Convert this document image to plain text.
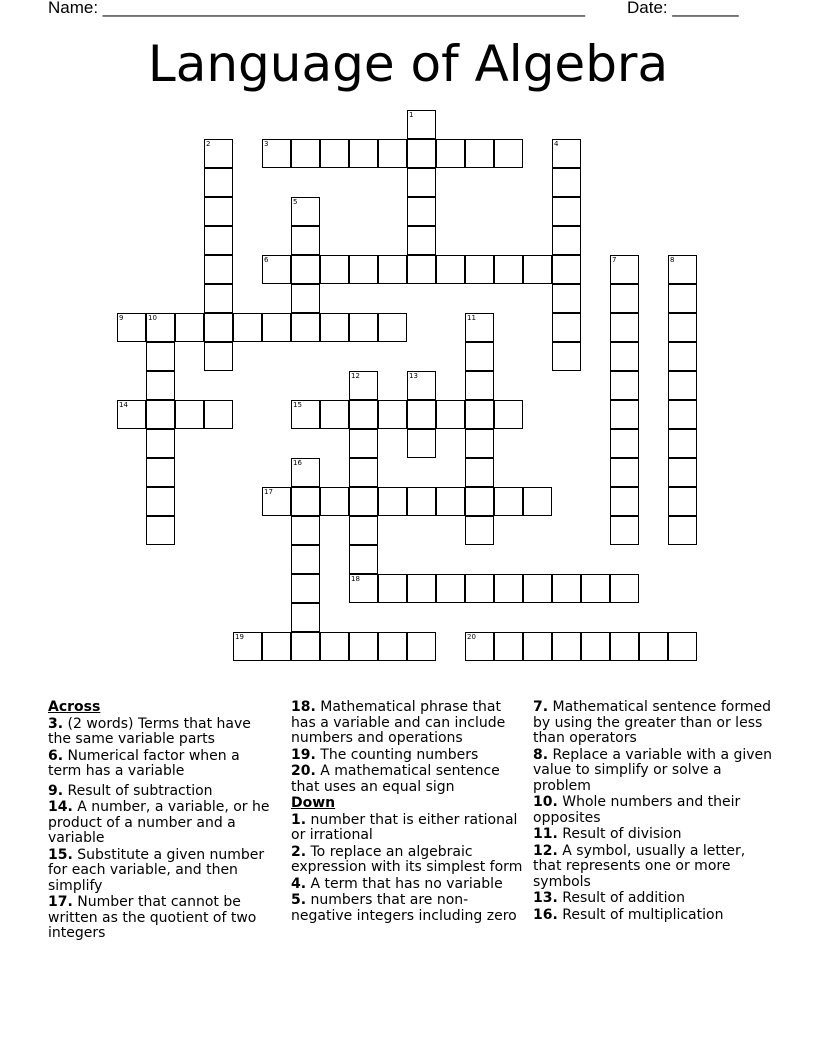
Name: ___________________________________________________ Date: _______
Language of Algebra
3
6
9	10
14	15
17
18
19	20
1
2	4
5
7	8
11
12	13
16
Across
3. (2 words) Terms that have the same variable parts
6. Numerical factor when a term has a variable
9. Result of subtraction
14. A number, a variable, or he product of a number and a variable
15. Substitute a given number for each variable, and then simplify
17. Number that cannot be written as the quotient of two integers
18. Mathematical phrase that has a variable and can include numbers and operations
19. The counting numbers
20. A mathematical sentence that uses an equal sign
Down
1. number that is either rational or irrational
2. To replace an algebraic expression with its simplest form
4. A term that has no variable
5. numbers that are non-negative integers including zero
7. Mathematical sentence formed by using the greater than or less than operators
8. Replace a variable with a given value to simplify or solve a problem
10. Whole numbers and their opposites
11. Result of division
12. A symbol, usually a letter, that represents one or more symbols
13. Result of addition
16. Result of multiplication
